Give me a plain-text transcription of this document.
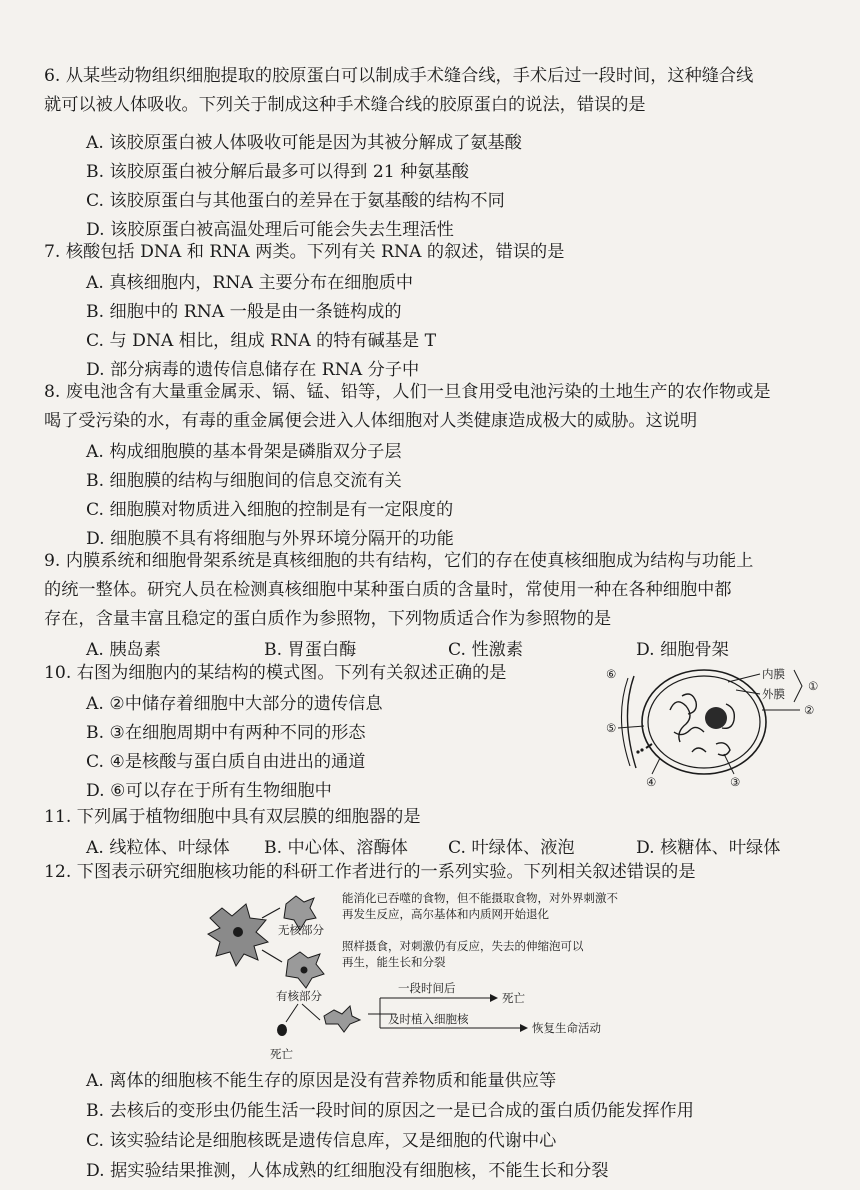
6. 从某些动物组织细胞提取的胶原蛋白可以制成手术缝合线，手术后过一段时间，这种缝合线

就可以被人体吸收。下列关于制成这种手术缝合线的胶原蛋白的说法，错误的是

A. 该胶原蛋白被人体吸收可能是因为其被分解成了氨基酸
B. 该胶原蛋白被分解后最多可以得到 21 种氨基酸
C. 该胶原蛋白与其他蛋白的差异在于氨基酸的结构不同
D. 该胶原蛋白被高温处理后可能会失去生理活性

7. 核酸包括 DNA 和 RNA 两类。下列有关 RNA 的叙述，错误的是

A. 真核细胞内，RNA 主要分布在细胞质中
B. 细胞中的 RNA 一般是由一条链构成的
C. 与 DNA 相比，组成 RNA 的特有碱基是 T
D. 部分病毒的遗传信息储存在 RNA 分子中

8. 废电池含有大量重金属汞、镉、锰、铅等，人们一旦食用受电池污染的土地生产的农作物或是

喝了受污染的水，有毒的重金属便会进入人体细胞对人类健康造成极大的威胁。这说明

A. 构成细胞膜的基本骨架是磷脂双分子层
B. 细胞膜的结构与细胞间的信息交流有关
C. 细胞膜对物质进入细胞的控制是有一定限度的
D. 细胞膜不具有将细胞与外界环境分隔开的功能

9. 内膜系统和细胞骨架系统是真核细胞的共有结构，它们的存在使真核细胞成为结构与功能上

的统一整体。研究人员在检测真核细胞中某种蛋白质的含量时，常使用一种在各种细胞中都

存在，含量丰富且稳定的蛋白质作为参照物，下列物质适合作为参照物的是

A. 胰岛素	B. 胃蛋白酶	C. 性激素	D. 细胞骨架

10. 右图为细胞内的某结构的模式图。下列有关叙述正确的是

A. ②中储存着细胞中大部分的遗传信息
B. ③在细胞周期中有两种不同的形态
C. ④是核酸与蛋白质自由进出的通道
D. ⑥可以存在于所有生物细胞中
内膜
外膜
①
②
⑥
⑤
④	③

11. 下列属于植物细胞中具有双层膜的细胞器的是

A. 线粒体、叶绿体 B. 中心体、溶酶体 C. 叶绿体、液泡	D. 核糖体、叶绿体

12. 下图表示研究细胞核功能的科研工作者进行的一系列实验。下列相关叙述错误的是

无核部分
有核部分
能消化已吞噬的食物，但不能摄取食物，对外界刺激不
再发生反应，高尔基体和内质网开始退化
照样摄食，对刺激仍有反应，失去的伸缩泡可以
再生，能生长和分裂
死亡
一段时间后
死亡
及时植入细胞核
恢复生命活动
A. 离体的细胞核不能生存的原因是没有营养物质和能量供应等
B. 去核后的变形虫仍能生活一段时间的原因之一是已合成的蛋白质仍能发挥作用
C. 该实验结论是细胞核既是遗传信息库，又是细胞的代谢中心
D. 据实验结果推测，人体成熟的红细胞没有细胞核，不能生长和分裂
